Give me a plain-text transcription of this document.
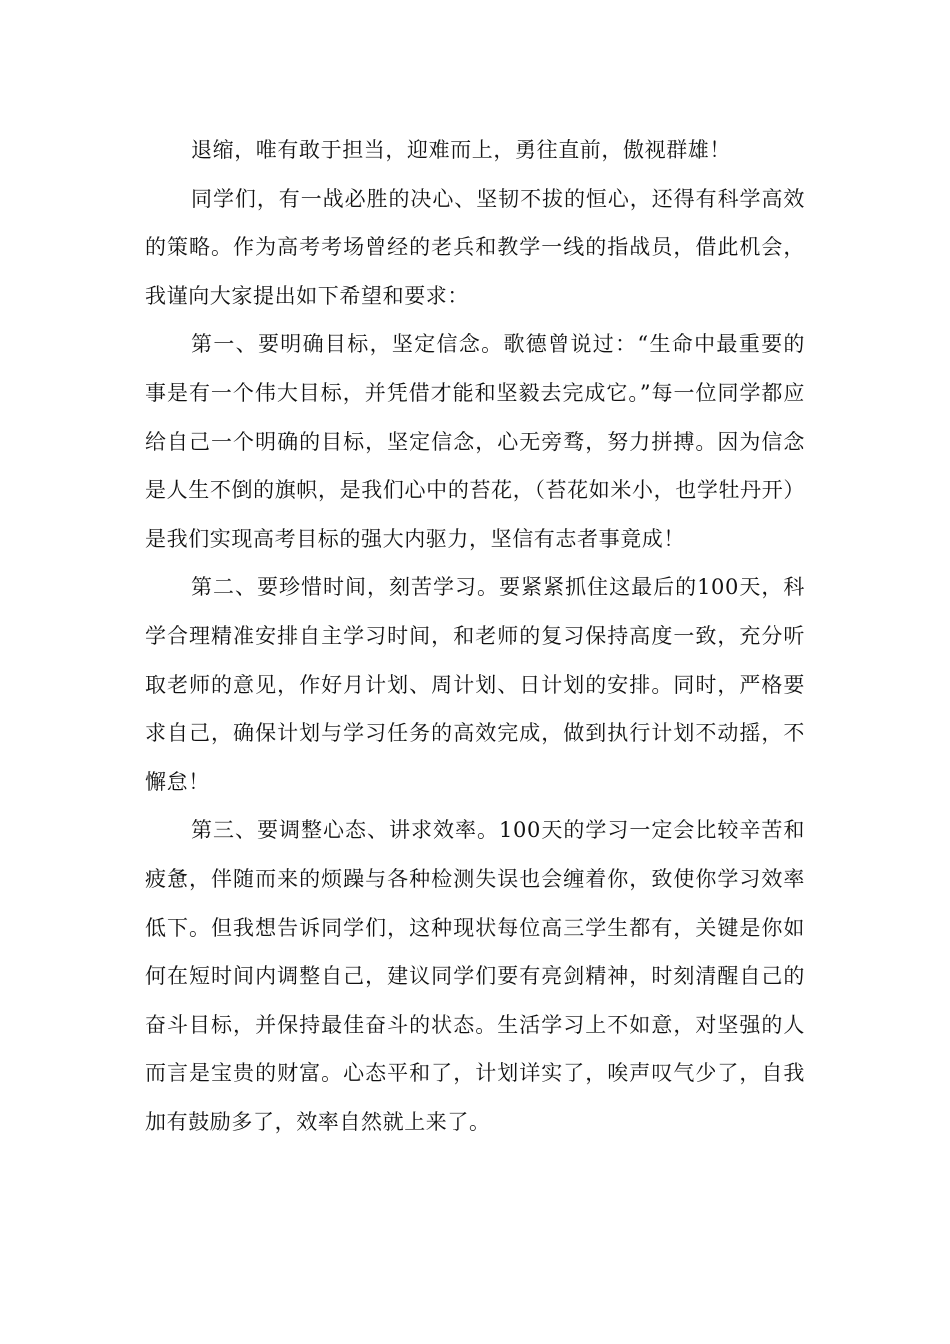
退缩，唯有敢于担当，迎难而上，勇往直前，傲视群雄！

同学们，有一战必胜的决心、坚韧不拔的恒心，还得有科学高效的策略。作为高考考场曾经的老兵和教学一线的指战员，借此机会，我谨向大家提出如下希望和要求：

第一、要明确目标，坚定信念。歌德曾说过：“生命中最重要的事是有一个伟大目标，并凭借才能和坚毅去完成它。”每一位同学都应给自己一个明确的目标，坚定信念，心无旁骛，努力拼搏。因为信念是人生不倒的旗帜，是我们心中的苔花，（苔花如米小，也学牡丹开）是我们实现高考目标的强大内驱力，坚信有志者事竟成！

第二、要珍惜时间，刻苦学习。要紧紧抓住这最后的100天，科学合理精准安排自主学习时间，和老师的复习保持高度一致，充分听取老师的意见，作好月计划、周计划、日计划的安排。同时，严格要求自己，确保计划与学习任务的高效完成，做到执行计划不动摇，不懈怠！

第三、要调整心态、讲求效率。100天的学习一定会比较辛苦和疲惫，伴随而来的烦躁与各种检测失误也会缠着你，致使你学习效率低下。但我想告诉同学们，这种现状每位高三学生都有，关键是你如何在短时间内调整自己，建议同学们要有亮剑精神，时刻清醒自己的奋斗目标，并保持最佳奋斗的状态。生活学习上不如意，对坚强的人而言是宝贵的财富。心态平和了，计划详实了，唉声叹气少了，自我加有鼓励多了，效率自然就上来了。
